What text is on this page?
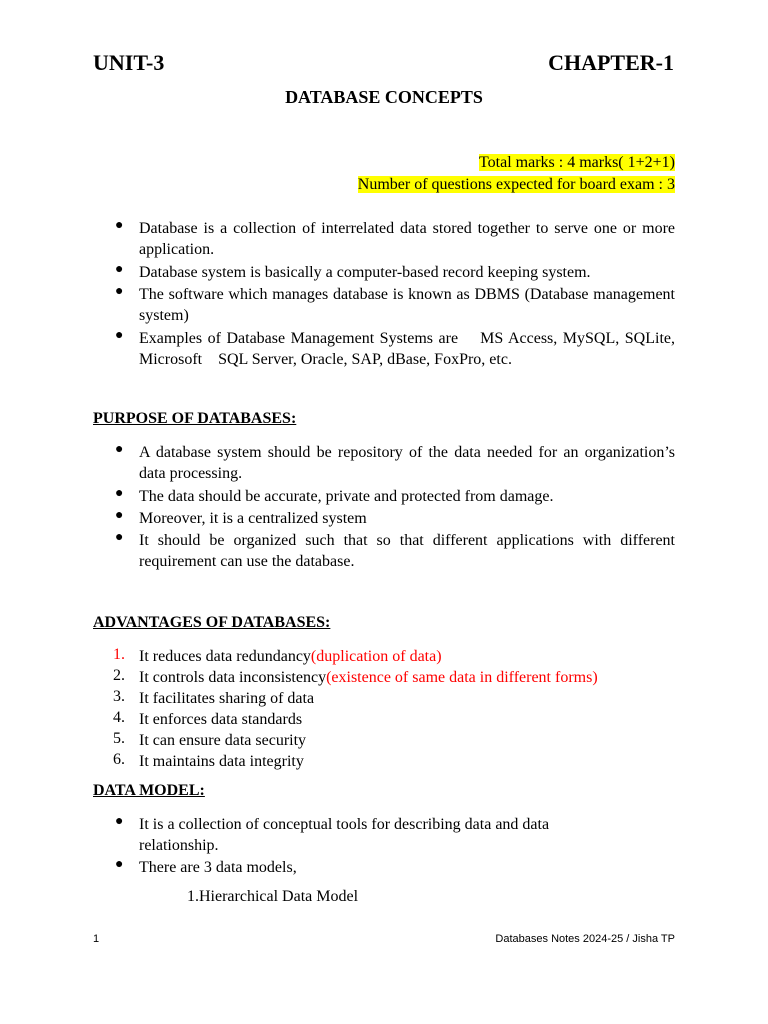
UNIT-3	CHAPTER-1
DATABASE CONCEPTS
Total marks : 4 marks( 1+2+1)
Number of questions expected for board exam : 3
● Database is a collection of interrelated data stored together to serve one or more application.
● Database system is basically a computer-based record keeping system.
● The software which manages database is known as DBMS (Database management system)
● Examples of Database Management Systems are    MS Access, MySQL, SQLite, Microsoft    SQL Server, Oracle, SAP, dBase, FoxPro, etc.
PURPOSE OF DATABASES:
● A database system should be repository of the data needed for an organization’s data processing.
● The data should be accurate, private and protected from damage.
● Moreover, it is a centralized system
● It should be organized such that so that different applications with different requirement can use the database.
ADVANTAGES OF DATABASES:
1. It reduces data redundancy(duplication of data)
2. It controls data inconsistency(existence of same data in different forms)
3. It facilitates sharing of data
4. It enforces data standards
5. It can ensure data security
6. It maintains data integrity
DATA MODEL:
● It is a collection of conceptual tools for describing data and data relationship.
● There are 3 data models,
1.Hierarchical Data Model
1	Databases Notes 2024-25 / Jisha TP
